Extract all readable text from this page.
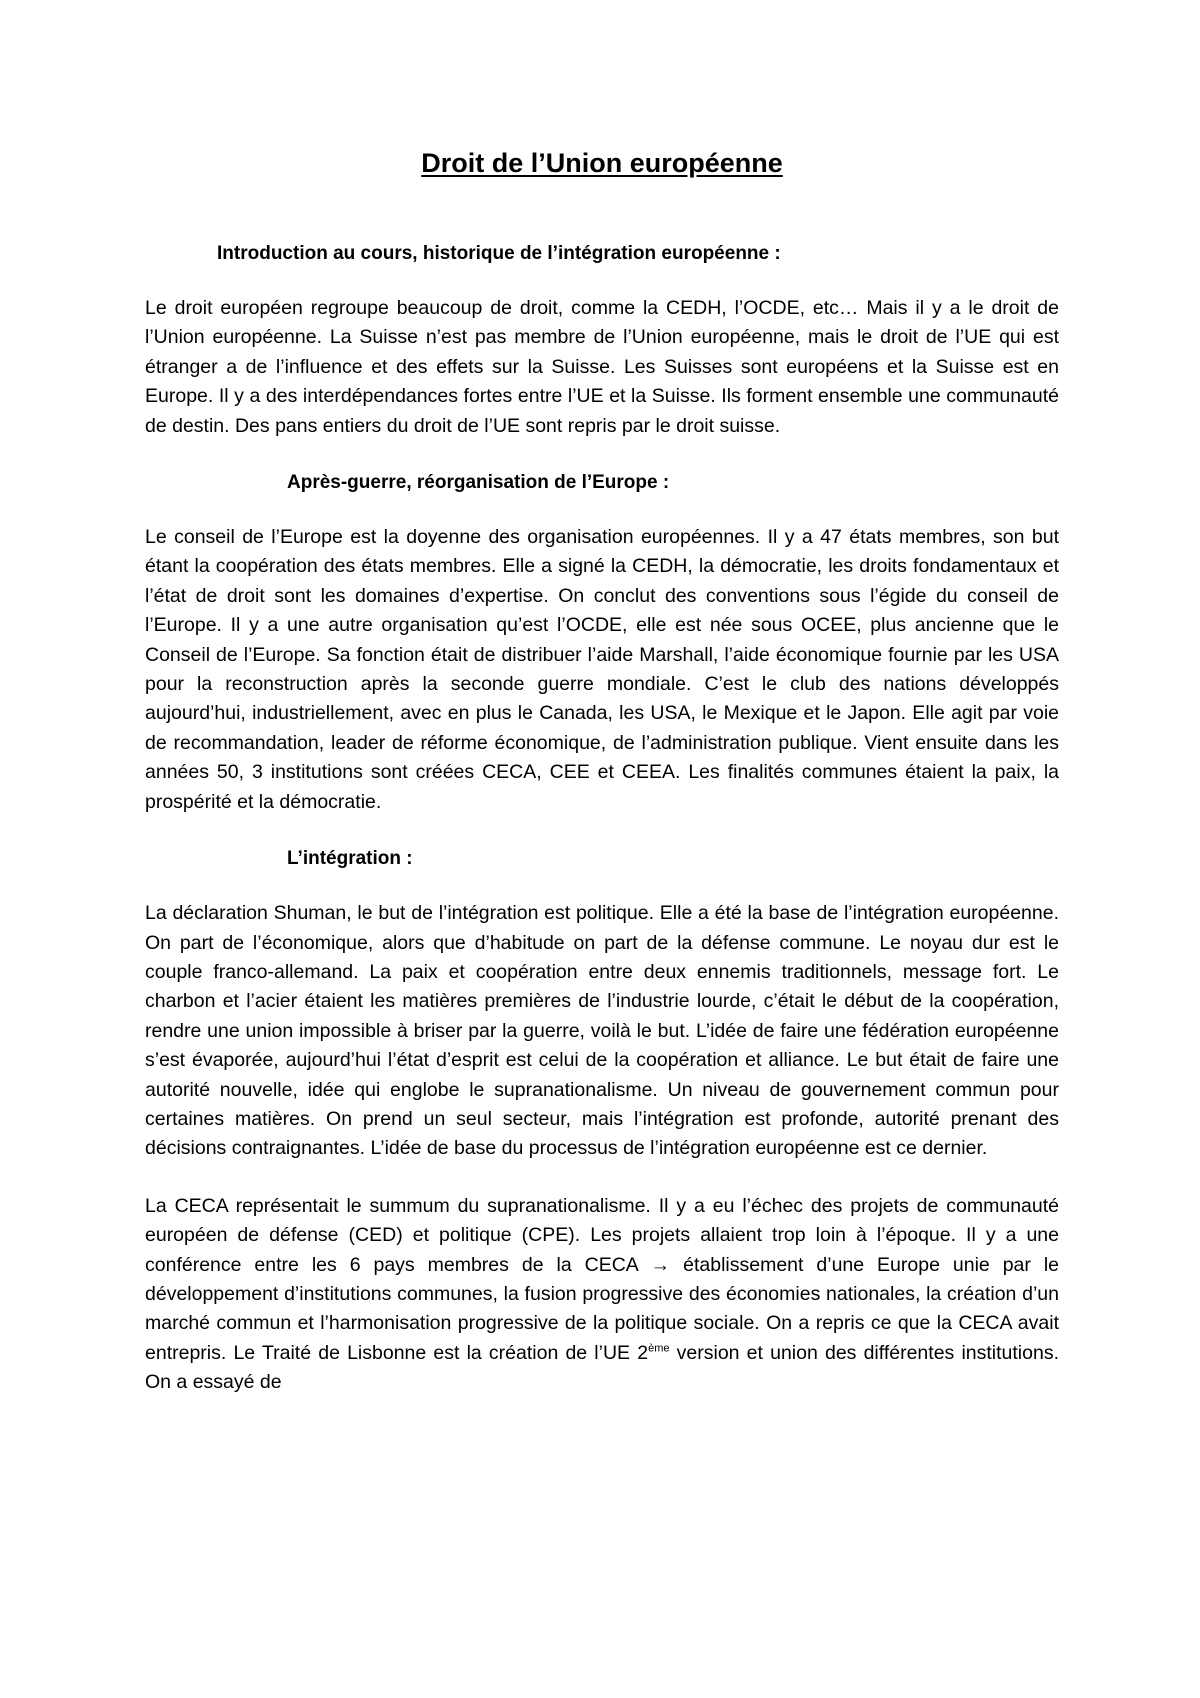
Droit de l’Union européenne
Introduction au cours, historique de l’intégration européenne :

Le droit européen regroupe beaucoup de droit, comme la CEDH, l’OCDE, etc… Mais il y a le droit de l’Union européenne. La Suisse n’est pas membre de l’Union européenne, mais le droit de l’UE qui est étranger a de l’influence et des effets sur la Suisse. Les Suisses sont européens et la Suisse est en Europe. Il y a des interdépendances fortes entre l’UE et la Suisse. Ils forment ensemble une communauté de destin. Des pans entiers du droit de l’UE sont repris par le droit suisse.

Après-guerre, réorganisation de l’Europe :

Le conseil de l’Europe est la doyenne des organisation européennes. Il y a 47 états membres, son but étant la coopération des états membres. Elle a signé la CEDH, la démocratie, les droits fondamentaux et l’état de droit sont les domaines d’expertise. On conclut des conventions sous l’égide du conseil de l’Europe. Il y a une autre organisation qu’est l’OCDE, elle est née sous OCEE, plus ancienne que le Conseil de l’Europe. Sa fonction était de distribuer l’aide Marshall, l’aide économique fournie par les USA pour la reconstruction après la seconde guerre mondiale. C’est le club des nations développés aujourd’hui, industriellement, avec en plus le Canada, les USA, le Mexique et le Japon. Elle agit par voie de recommandation, leader de réforme économique, de l’administration publique. Vient ensuite dans les années 50, 3 institutions sont créées CECA, CEE et CEEA. Les finalités communes étaient la paix, la prospérité et la démocratie.

L’intégration :

La déclaration Shuman, le but de l’intégration est politique. Elle a été la base de l’intégration européenne. On part de l’économique, alors que d’habitude on part de la défense commune. Le noyau dur est le couple franco-allemand. La paix et coopération entre deux ennemis traditionnels, message fort. Le charbon et l’acier étaient les matières premières de l’industrie lourde, c’était le début de la coopération, rendre une union impossible à briser par la guerre, voilà le but. L’idée de faire une fédération européenne s’est évaporée, aujourd’hui l’état d’esprit est celui de la coopération et alliance. Le but était de faire une autorité nouvelle, idée qui englobe le supranationalisme. Un niveau de gouvernement commun pour certaines matières. On prend un seul secteur, mais l’intégration est profonde, autorité prenant des décisions contraignantes. L’idée de base du processus de l’intégration européenne est ce dernier.

La CECA représentait le summum du supranationalisme. Il y a eu l’échec des projets de communauté européen de défense (CED) et politique (CPE). Les projets allaient trop loin à l’époque. Il y a une conférence entre les 6 pays membres de la CECA → établissement d’une Europe unie par le développement d’institutions communes, la fusion progressive des économies nationales, la création d’un marché commun et l’harmonisation progressive de la politique sociale. On a repris ce que la CECA avait entrepris. Le Traité de Lisbonne est la création de l’UE 2ème version et union des différentes institutions. On a essayé de
